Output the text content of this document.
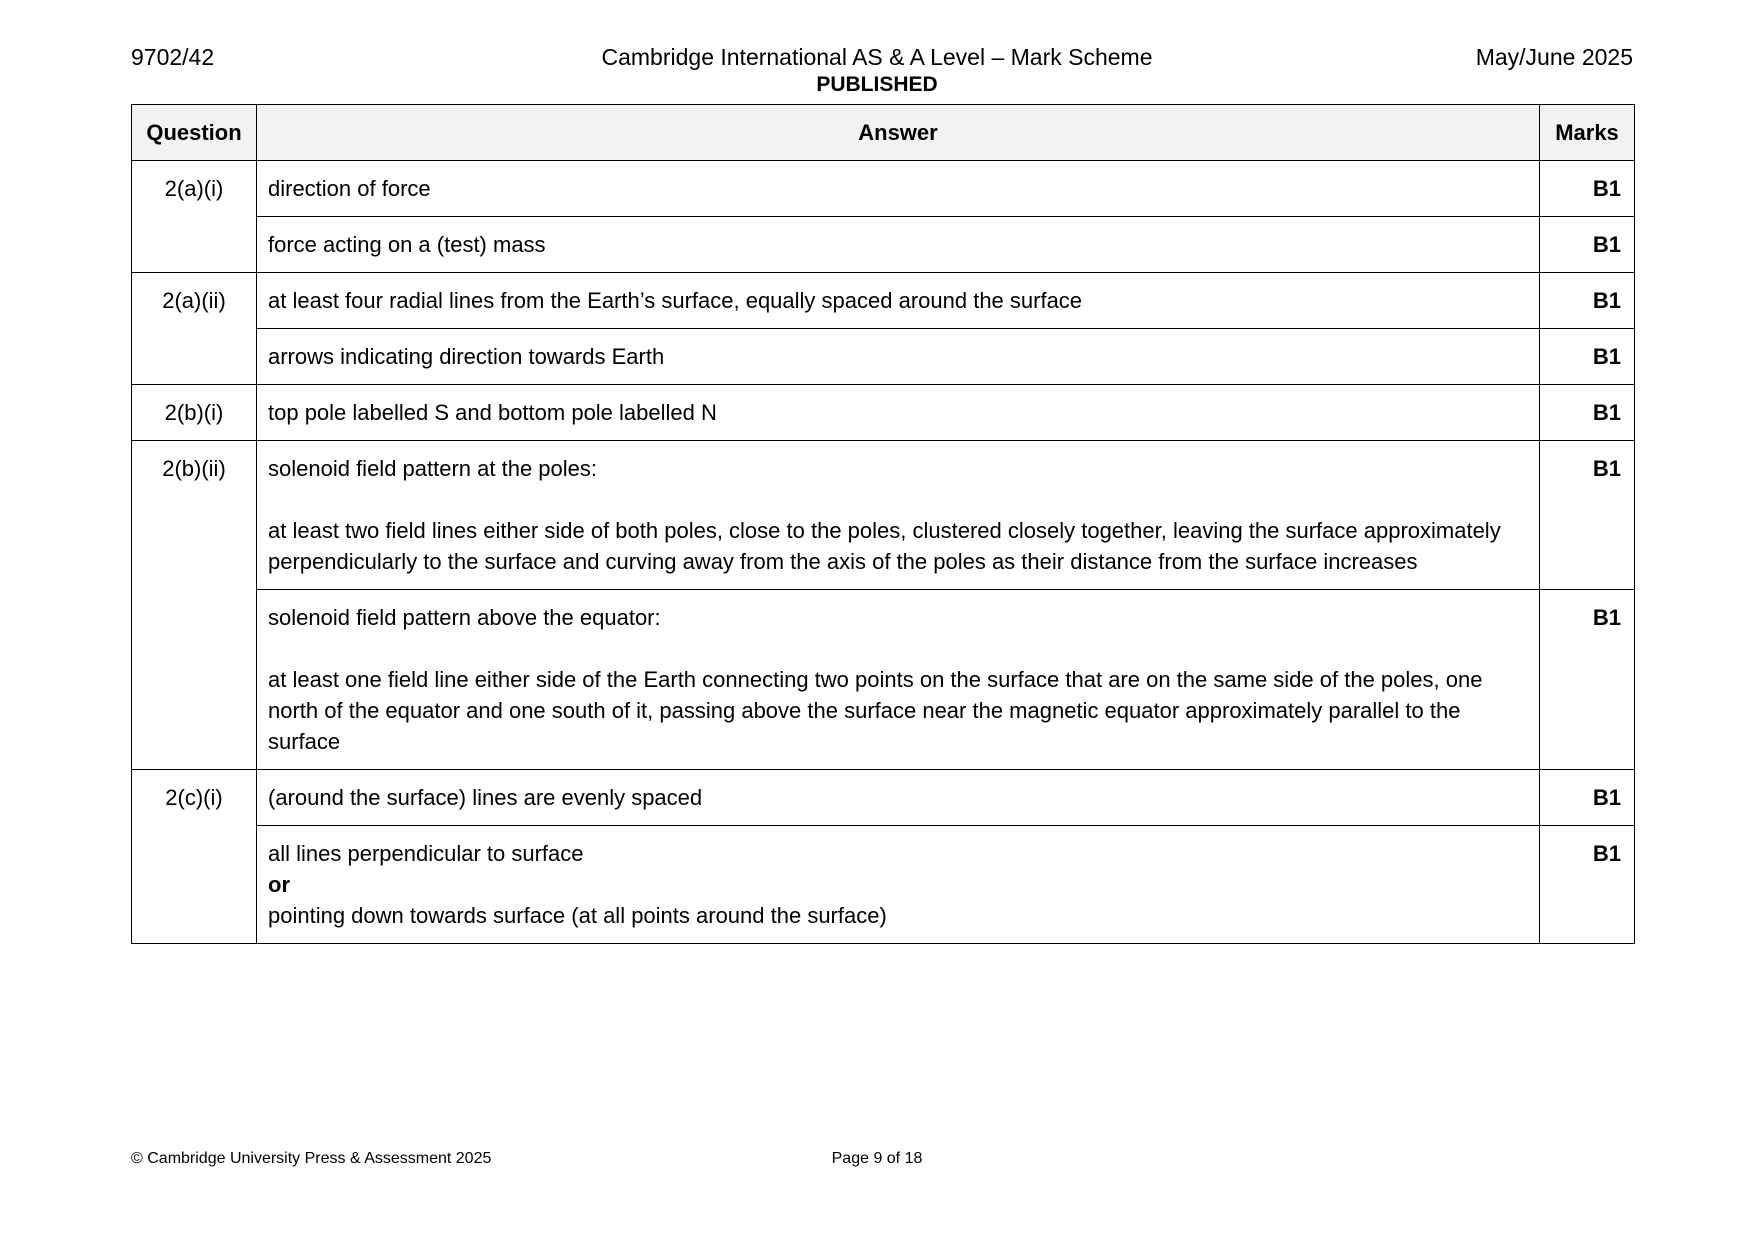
9702/42	Cambridge International AS & A Level – Mark Scheme
PUBLISHED
May/June 2025
Question	Answer	Marks
2(a)(i)	direction of force	B1

	force acting on a (test) mass	B1
2(a)(ii)	at least four radial lines from the Earth’s surface, equally spaced around the surface	B1

	arrows indicating direction towards Earth	B1
2(b)(i)	top pole labelled S and bottom pole labelled N	B1
2(b)(ii)	solenoid field pattern at the poles:

at least two field lines either side of both poles, close to the poles, clustered closely together, leaving the surface approximately perpendicularly to the surface and curving away from the axis of the poles as their distance from the surface increases	B1

	solenoid field pattern above the equator:

at least one field line either side of the Earth connecting two points on the surface that are on the same side of the poles, one north of the equator and one south of it, passing above the surface near the magnetic equator approximately parallel to the surface	B1
2(c)(i)	(around the surface) lines are evenly spaced	B1

	all lines perpendicular to surface

or

pointing down towards surface (at all points around the surface)	B1
© Cambridge University Press & Assessment 2025	Page 9 of 18
